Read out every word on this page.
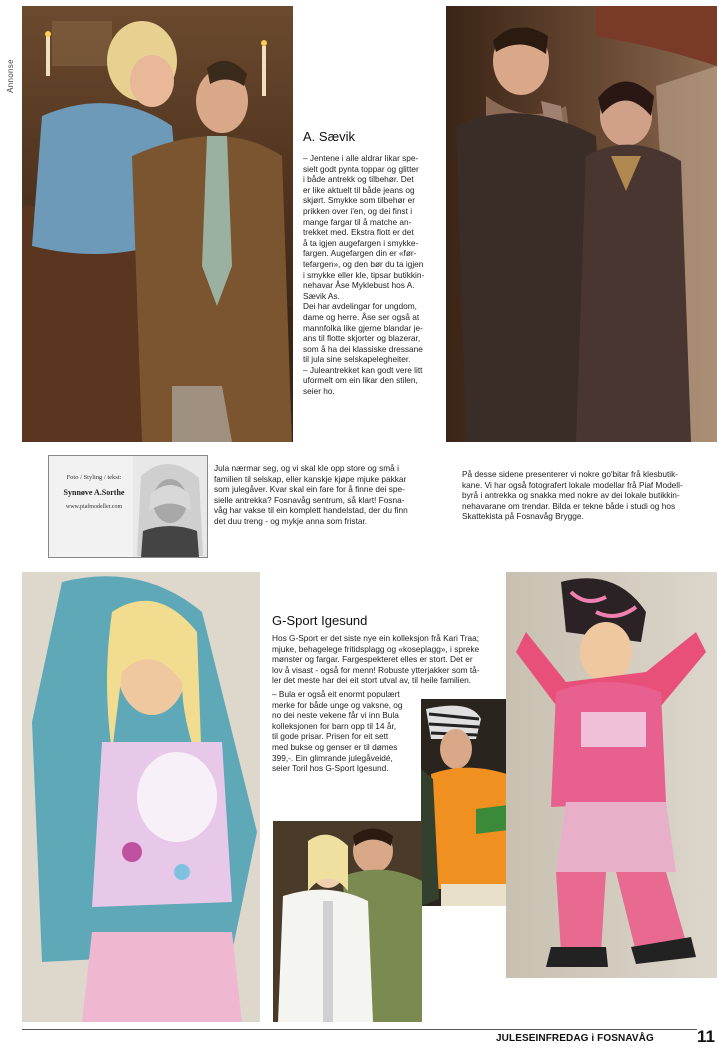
Annonse
A. Sævik

– Jentene i alle aldrar likar spe-

sielt godt pynta toppar og glitter

i både antrekk og tilbehør. Det

er like aktuelt til både jeans og

skjørt. Smykke som tilbehør er

prikken over i'en, og dei finst i

mange fargar til å matche an-

trekket med. Ekstra flott er det

å ta igjen augefargen i smykke-

fargen. Augefargen din er «før-

tefargen», og den bør du ta igjen

i smykke eller kle, tipsar butikkin-

nehavar Åse Myklebust hos A.

Sævik As.

Dei har avdelingar for ungdom,

dame og herre. Åse ser også at

mannfolka like gjerne blandar je-

ans til flotte skjorter og blazerar,

som å ha dei klassiske dressane

til jula sine selskapelegheiter.

– Juleantrekket kan godt vere litt

uformelt om ein likar den stilen,

seier ho.

Foto / Styling / tekst:
Synnøve A.Sorthe
www.piafmodeller.com

Jula nærmar seg, og vi skal kle opp store og små i

familien til selskap, eller kanskje kjøpe mjuke pakkar

som julegåver. Kvar skal ein fare for å finne dei spe-

sielle antrekka? Fosnavåg sentrum, så klart! Fosna-

våg har vakse til ein komplett handelstad, der du finn

det duu treng - og mykje anna som fristar.

På desse sidene presenterer vi nokre go'bitar frå klesbutik-

kane. Vi har også fotografert lokale modellar frå Piaf Modell-

byrå i antrekka og snakka med nokre av dei lokale butikkin-

nehavarane om trendar. Bilda er tekne både i studi og hos

Skattekista på Fosnavåg Brygge.

G-Sport Igesund

Hos G-Sport er det siste nye ein kolleksjon frå Kari Traa;

mjuke, behagelege fritidsplagg og «koseplagg», i spreke

mønster og fargar. Fargespekteret elles er stort. Det er

lov å visast - også for menn! Robuste ytterjakker som tå-

ler det meste har dei eit stort utval av, til heile familien.

– Bula er også eit enormt populært

merke for både unge og vaksne, og

no dei neste vekene får vi inn Bula

kolleksjonen for barn opp til 14 år,

til gode prisar. Prisen for eit sett

med bukse og genser er til dømes

399,-. Ein glimrande julegåveidé,

seier Toril hos G-Sport Igesund.

JULESEINFREDAG i FOSNAVÅG	11
